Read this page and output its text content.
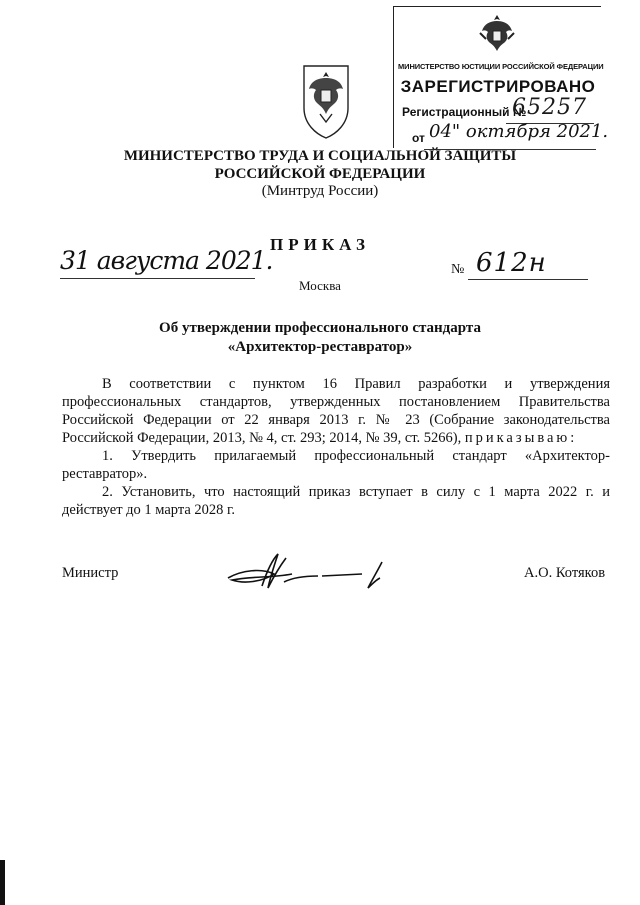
МИНИСТЕРСТВО ЮСТИЦИИ РОССИЙСКОЙ ФЕДЕРАЦИИ
ЗАРЕГИСТРИРОВАНО
Регистрационный №
65257
от 04" октября 2021.
МИНИСТЕРСТВО ТРУДА И СОЦИАЛЬНОЙ ЗАЩИТЫ
РОССИЙСКОЙ ФЕДЕРАЦИИ
(Минтруд России)
ПРИКАЗ
31 августа 2021.
Москва
№ 612н
Об утверждении профессионального стандарта
«Архитектор-реставратор»

В соответствии с пунктом 16 Правил разработки и утверждения профессиональных стандартов, утвержденных постановлением Правительства Российской Федерации от 22 января 2013 г. № 23 (Собрание законодательства Российской Федерации, 2013, № 4, ст. 293; 2014, № 39, ст. 5266), приказываю:

1. Утвердить прилагаемый профессиональный стандарт «Архитектор-реставратор».

2. Установить, что настоящий приказ вступает в силу с 1 марта 2022 г. и действует до 1 марта 2028 г.

Министр	А.О. Котяков
